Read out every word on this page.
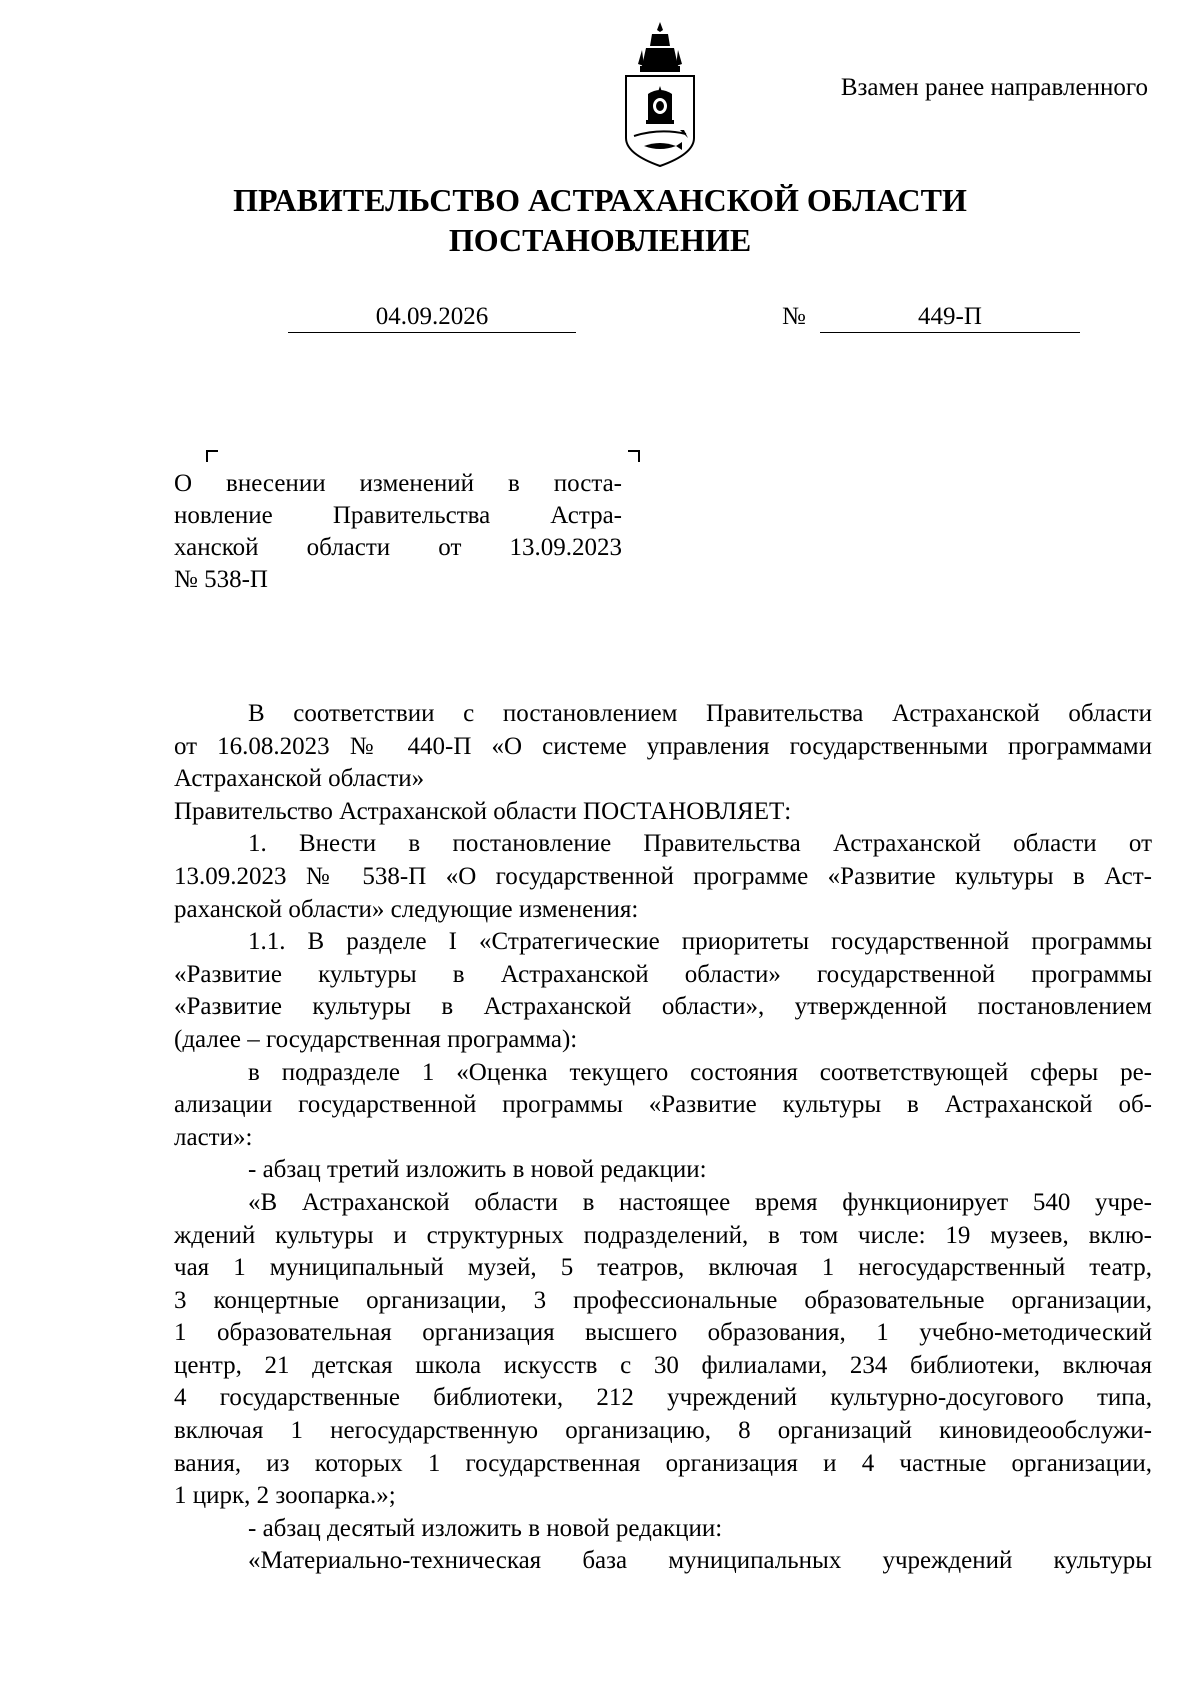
Взамен ранее направленного
ПРАВИТЕЛЬСТВО АСТРАХАНСКОЙ ОБЛАСТИ
ПОСТАНОВЛЕНИЕ
04.09.2026	№	449-П
О внесении изменений в поста-
новление Правительства Астра-
ханской области от 13.09.2023
№ 538-П
В соответствии с постановлением Правительства Астраханской области
от 16.08.2023 № 440-П «О системе управления государственными программами
Астраханской области»
Правительство Астраханской области ПОСТАНОВЛЯЕТ:
1. Внести в постановление Правительства Астраханской области от
13.09.2023 № 538-П «О государственной программе «Развитие культуры в Аст-
раханской области» следующие изменения:
1.1. В разделе I «Стратегические приоритеты государственной программы
«Развитие культуры в Астраханской области» государственной программы
«Развитие культуры в Астраханской области», утвержденной постановлением
(далее – государственная программа):
в подразделе 1 «Оценка текущего состояния соответствующей сферы ре-
ализации государственной программы «Развитие культуры в Астраханской об-
ласти»:
- абзац третий изложить в новой редакции:
«В Астраханской области в настоящее время функционирует 540 учре-
ждений культуры и структурных подразделений, в том числе: 19 музеев, вклю-
чая 1 муниципальный музей, 5 театров, включая 1 негосударственный театр,
3 концертные организации, 3 профессиональные образовательные организации,
1 образовательная организация высшего образования, 1 учебно-методический
центр, 21 детская школа искусств с 30 филиалами, 234 библиотеки, включая
4 государственные библиотеки, 212 учреждений культурно-досугового типа,
включая 1 негосударственную организацию, 8 организаций киновидеообслужи-
вания, из которых 1 государственная организация и 4 частные организации,
1 цирк, 2 зоопарка.»;
- абзац десятый изложить в новой редакции:
«Материально-техническая база муниципальных учреждений культуры
